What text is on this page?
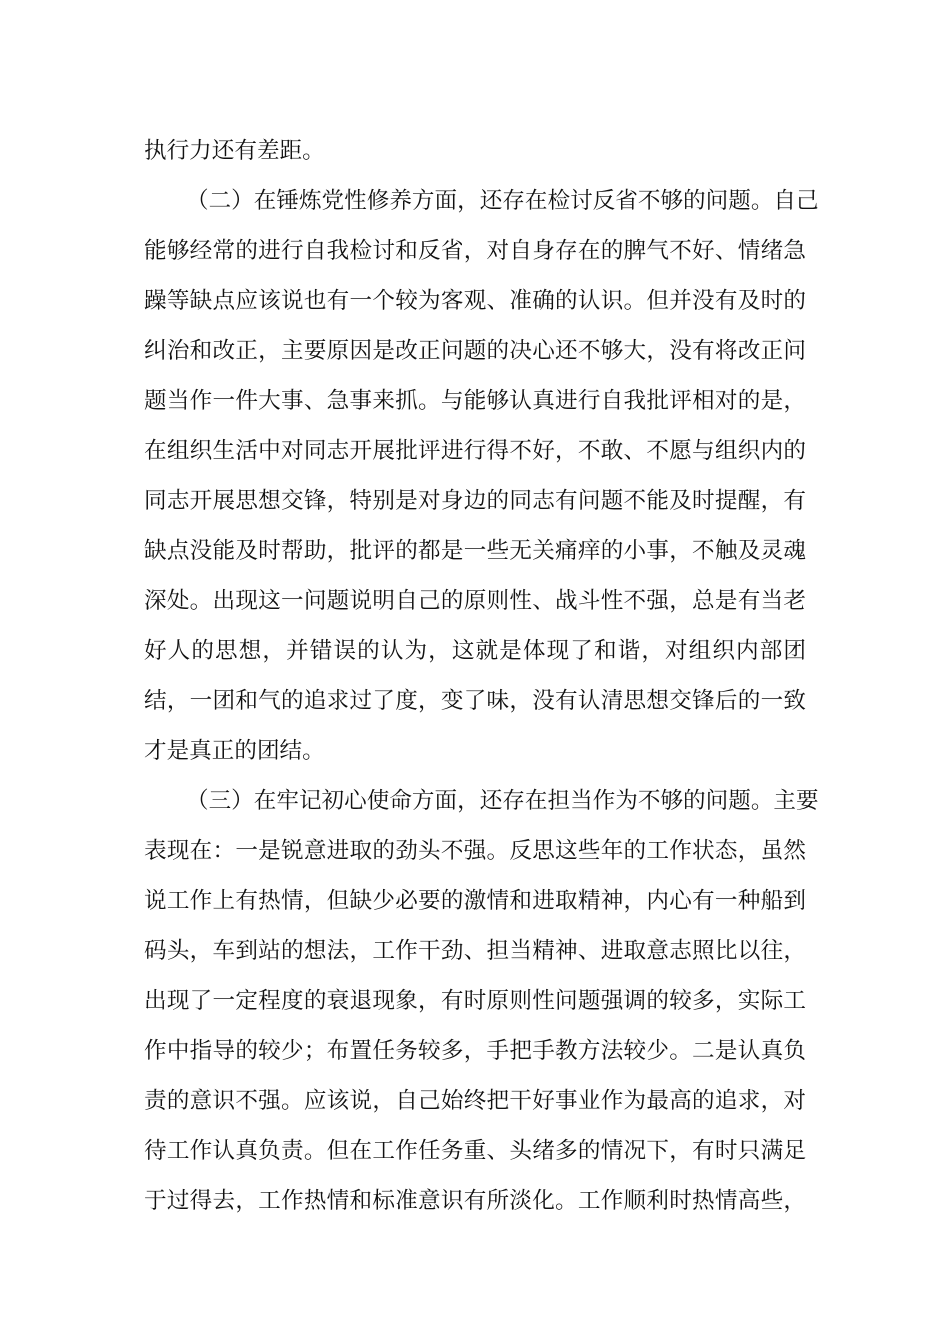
执行力还有差距。
（二）在锤炼党性修养方面，还存在检讨反省不够的问题。自己
能够经常的进行自我检讨和反省，对自身存在的脾气不好、情绪急
躁等缺点应该说也有一个较为客观、准确的认识。但并没有及时的
纠治和改正，主要原因是改正问题的决心还不够大，没有将改正问
题当作一件大事、急事来抓。与能够认真进行自我批评相对的是，
在组织生活中对同志开展批评进行得不好，不敢、不愿与组织内的
同志开展思想交锋，特别是对身边的同志有问题不能及时提醒，有
缺点没能及时帮助，批评的都是一些无关痛痒的小事，不触及灵魂
深处。出现这一问题说明自己的原则性、战斗性不强，总是有当老
好人的思想，并错误的认为，这就是体现了和谐，对组织内部团
结，一团和气的追求过了度，变了味，没有认清思想交锋后的一致
才是真正的团结。
（三）在牢记初心使命方面，还存在担当作为不够的问题。主要
表现在：一是锐意进取的劲头不强。反思这些年的工作状态，虽然
说工作上有热情，但缺少必要的激情和进取精神，内心有一种船到
码头，车到站的想法，工作干劲、担当精神、进取意志照比以往，
出现了一定程度的衰退现象，有时原则性问题强调的较多，实际工
作中指导的较少；布置任务较多，手把手教方法较少。二是认真负
责的意识不强。应该说，自己始终把干好事业作为最高的追求，对
待工作认真负责。但在工作任务重、头绪多的情况下，有时只满足
于过得去，工作热情和标准意识有所淡化。工作顺利时热情高些，
